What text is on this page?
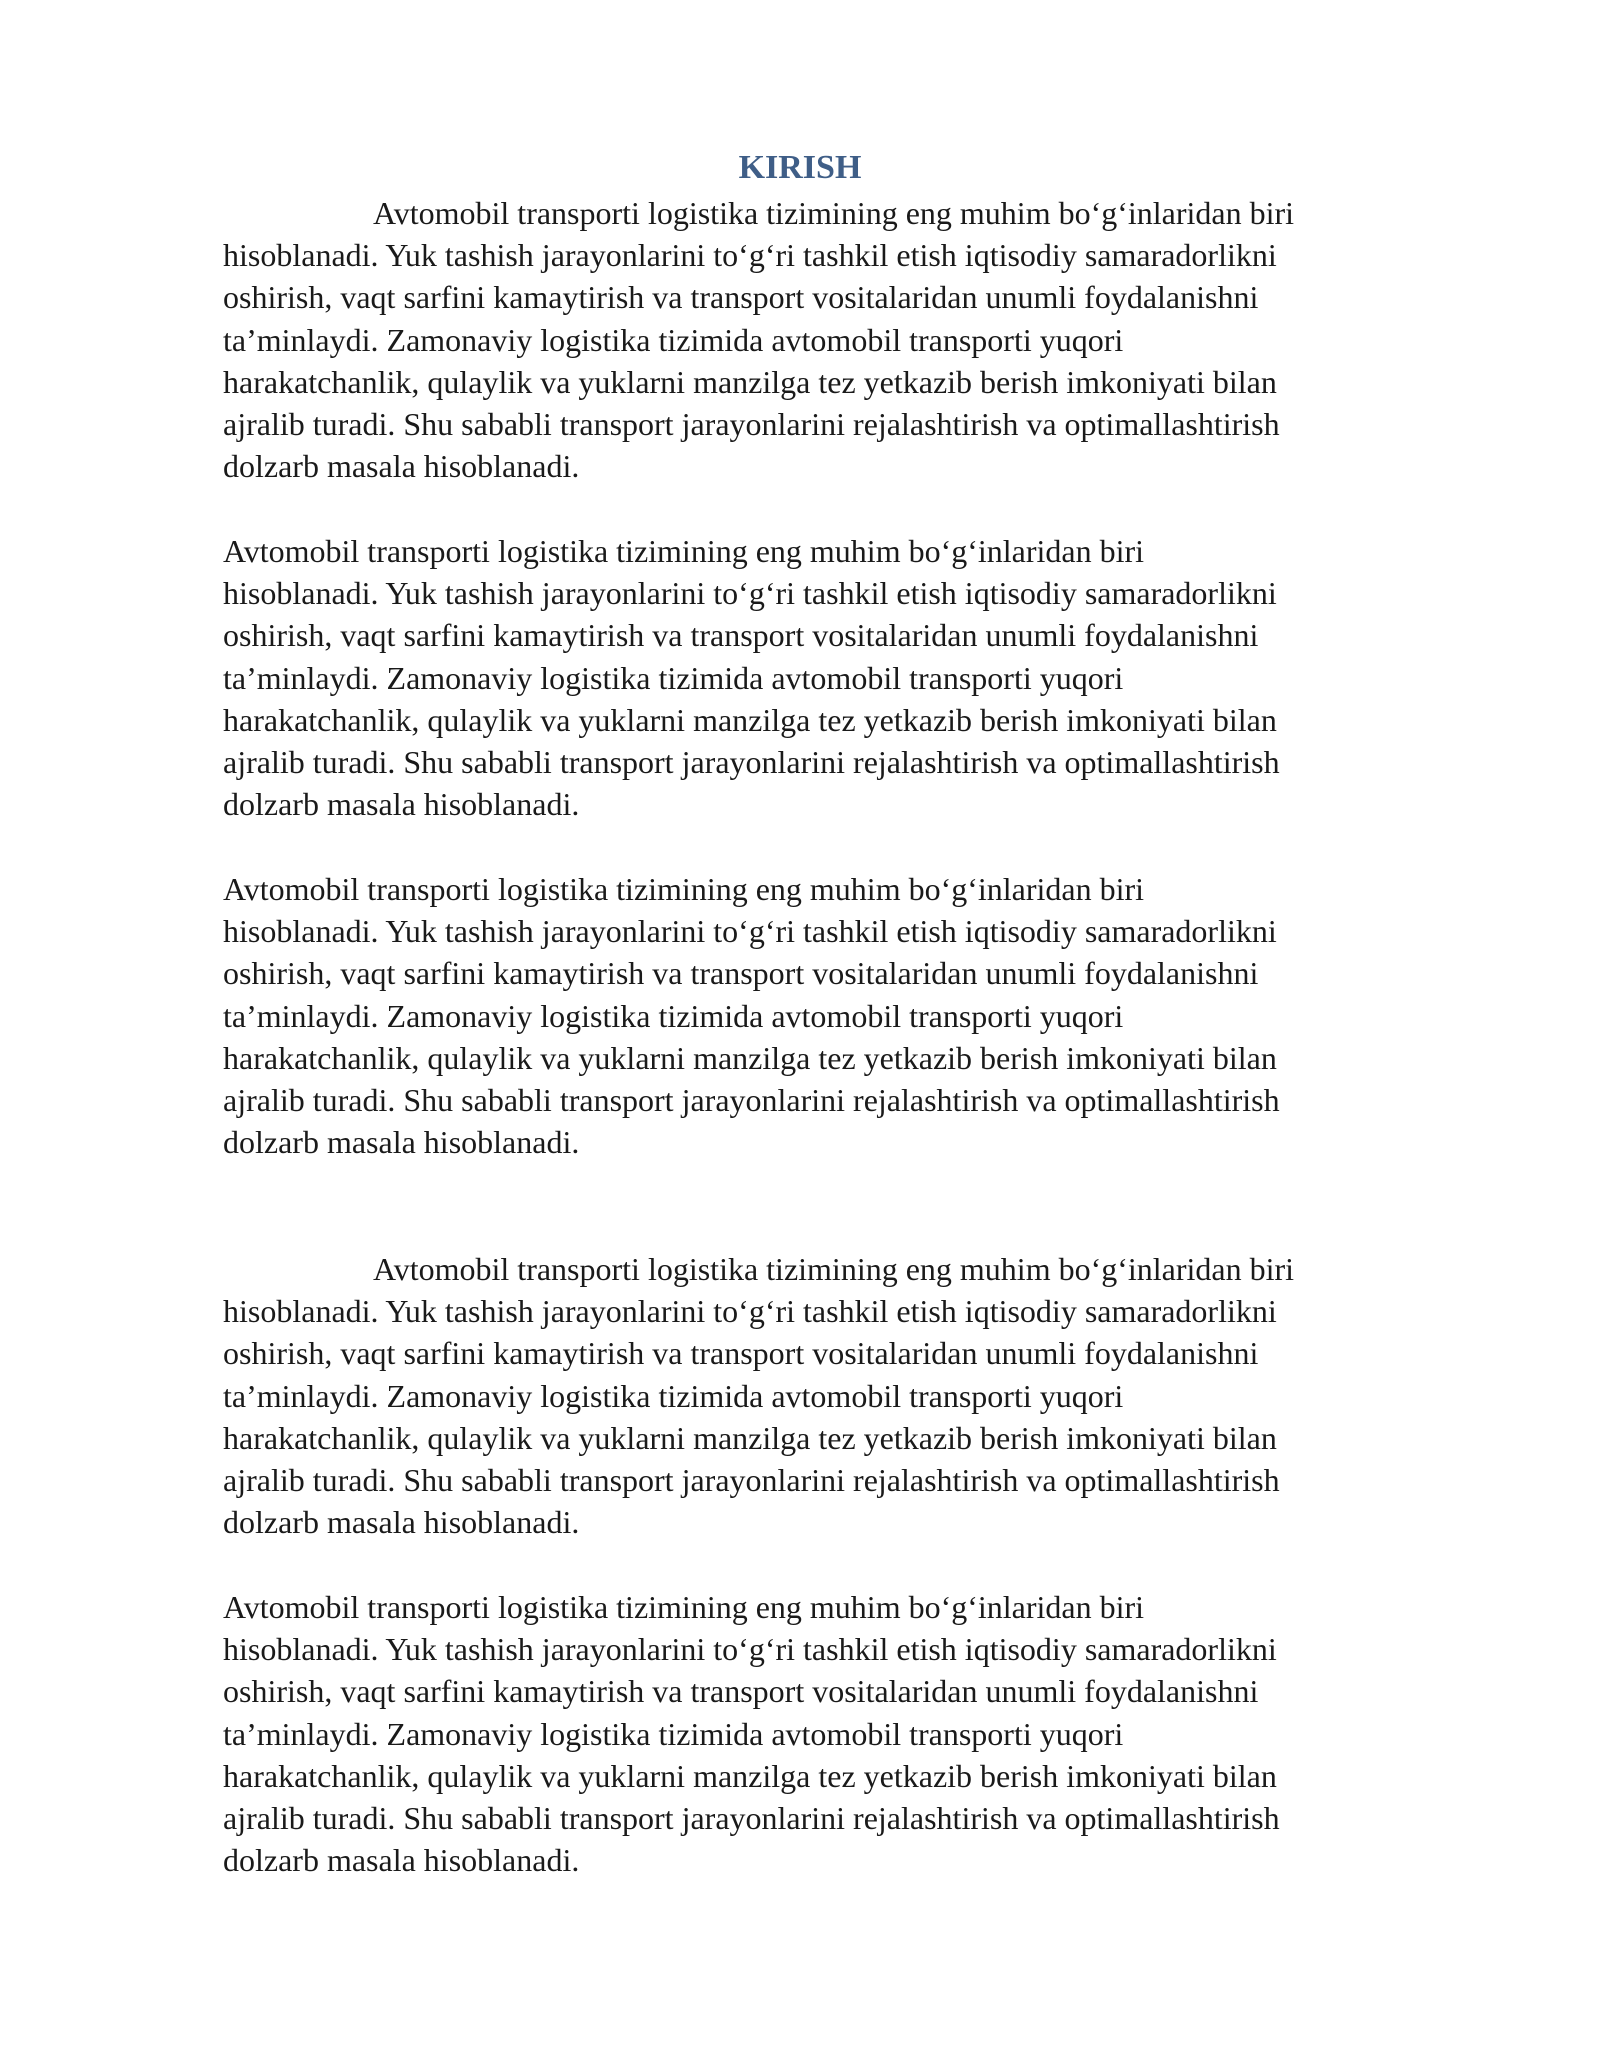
KIRISH

Avtomobil transporti logistika tizimining eng muhim bo‘g‘inlaridan biri
hisoblanadi. Yuk tashish jarayonlarini to‘g‘ri tashkil etish iqtisodiy samaradorlikni
oshirish, vaqt sarfini kamaytirish va transport vositalaridan unumli foydalanishni
ta’minlaydi. Zamonaviy logistika tizimida avtomobil transporti yuqori
harakatchanlik, qulaylik va yuklarni manzilga tez yetkazib berish imkoniyati bilan
ajralib turadi. Shu sababli transport jarayonlarini rejalashtirish va optimallashtirish
dolzarb masala hisoblanadi.

Avtomobil transporti logistika tizimining eng muhim bo‘g‘inlaridan biri
hisoblanadi. Yuk tashish jarayonlarini to‘g‘ri tashkil etish iqtisodiy samaradorlikni
oshirish, vaqt sarfini kamaytirish va transport vositalaridan unumli foydalanishni
ta’minlaydi. Zamonaviy logistika tizimida avtomobil transporti yuqori
harakatchanlik, qulaylik va yuklarni manzilga tez yetkazib berish imkoniyati bilan
ajralib turadi. Shu sababli transport jarayonlarini rejalashtirish va optimallashtirish
dolzarb masala hisoblanadi.

Avtomobil transporti logistika tizimining eng muhim bo‘g‘inlaridan biri
hisoblanadi. Yuk tashish jarayonlarini to‘g‘ri tashkil etish iqtisodiy samaradorlikni
oshirish, vaqt sarfini kamaytirish va transport vositalaridan unumli foydalanishni
ta’minlaydi. Zamonaviy logistika tizimida avtomobil transporti yuqori
harakatchanlik, qulaylik va yuklarni manzilga tez yetkazib berish imkoniyati bilan
ajralib turadi. Shu sababli transport jarayonlarini rejalashtirish va optimallashtirish
dolzarb masala hisoblanadi.

Avtomobil transporti logistika tizimining eng muhim bo‘g‘inlaridan biri
hisoblanadi. Yuk tashish jarayonlarini to‘g‘ri tashkil etish iqtisodiy samaradorlikni
oshirish, vaqt sarfini kamaytirish va transport vositalaridan unumli foydalanishni
ta’minlaydi. Zamonaviy logistika tizimida avtomobil transporti yuqori
harakatchanlik, qulaylik va yuklarni manzilga tez yetkazib berish imkoniyati bilan
ajralib turadi. Shu sababli transport jarayonlarini rejalashtirish va optimallashtirish
dolzarb masala hisoblanadi.

Avtomobil transporti logistika tizimining eng muhim bo‘g‘inlaridan biri
hisoblanadi. Yuk tashish jarayonlarini to‘g‘ri tashkil etish iqtisodiy samaradorlikni
oshirish, vaqt sarfini kamaytirish va transport vositalaridan unumli foydalanishni
ta’minlaydi. Zamonaviy logistika tizimida avtomobil transporti yuqori
harakatchanlik, qulaylik va yuklarni manzilga tez yetkazib berish imkoniyati bilan
ajralib turadi. Shu sababli transport jarayonlarini rejalashtirish va optimallashtirish
dolzarb masala hisoblanadi.
